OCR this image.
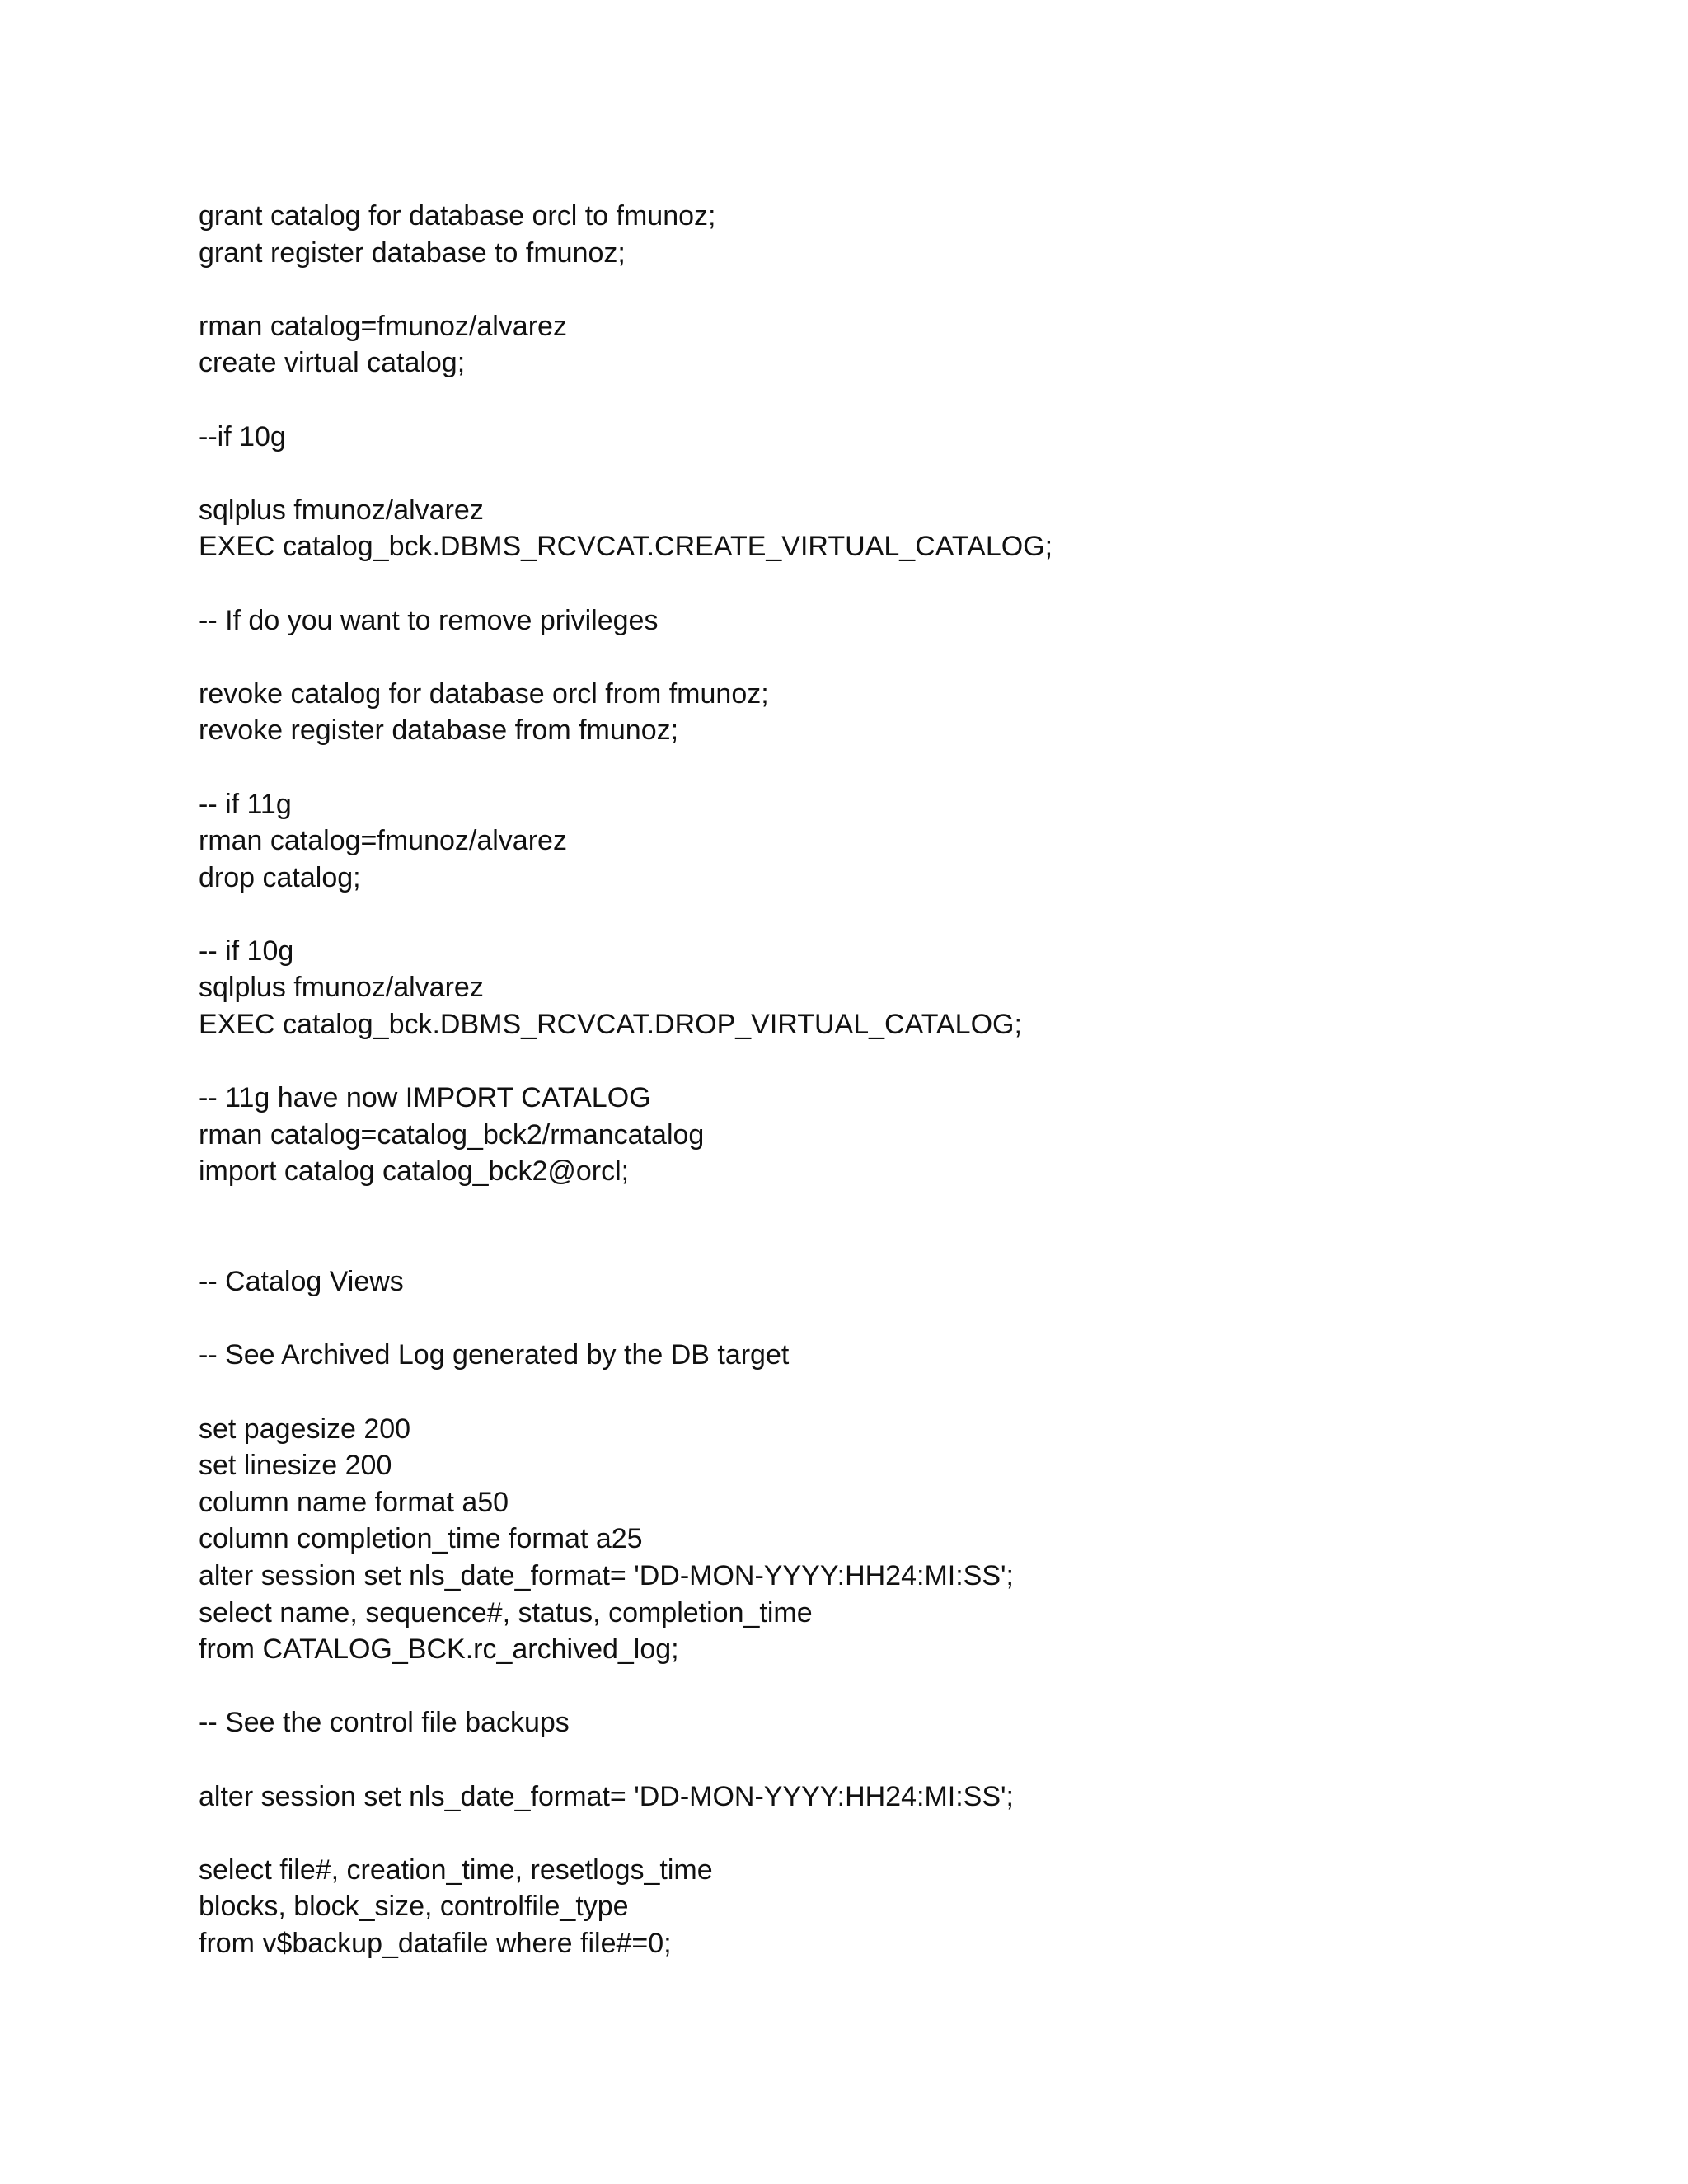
grant catalog for database orcl to fmunoz;
grant register database to fmunoz;
rman catalog=fmunoz/alvarez
create virtual catalog;
--if 10g
sqlplus fmunoz/alvarez
EXEC catalog_bck.DBMS_RCVCAT.CREATE_VIRTUAL_CATALOG;
-- If do you want to remove privileges
revoke catalog for database orcl from fmunoz;
revoke register database from fmunoz;
-- if 11g
rman catalog=fmunoz/alvarez
drop catalog;
-- if 10g
sqlplus fmunoz/alvarez
EXEC catalog_bck.DBMS_RCVCAT.DROP_VIRTUAL_CATALOG;
-- 11g have now IMPORT CATALOG
rman catalog=catalog_bck2/rmancatalog
import catalog catalog_bck2@orcl;
-- Catalog Views
-- See Archived Log generated by the DB target
set pagesize 200
set linesize 200
column name format a50
column completion_time format a25
alter session set nls_date_format= 'DD-MON-YYYY:HH24:MI:SS';
select name, sequence#, status, completion_time
from CATALOG_BCK.rc_archived_log;
-- See the control file backups
alter session set nls_date_format= 'DD-MON-YYYY:HH24:MI:SS';
select file#, creation_time, resetlogs_time
blocks, block_size, controlfile_type
from v$backup_datafile where file#=0;
